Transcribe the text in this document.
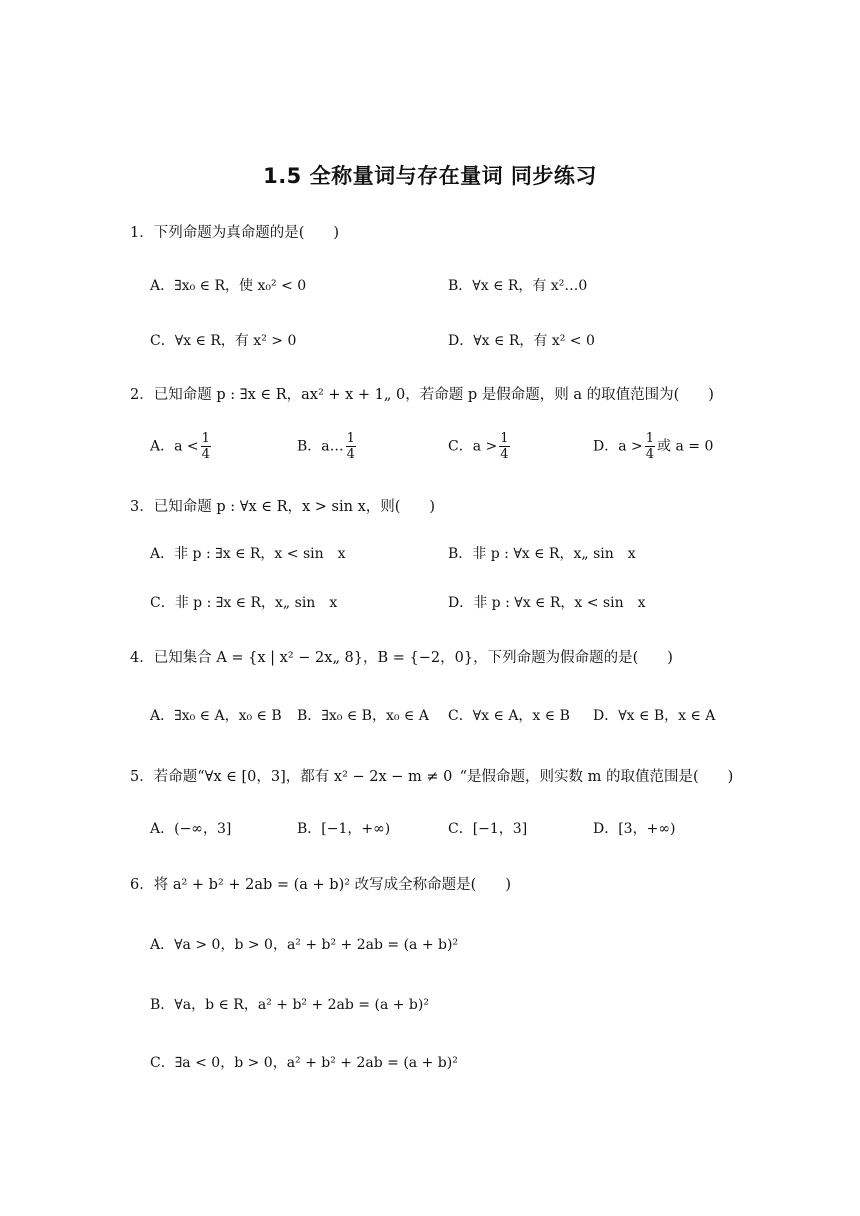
1.5 全称量词与存在量词 同步练习
1．下列命题为真命题的是(　　)
A．∃x₀ ∈ R，使 x₀² < 0	B．∀x ∈ R，有 x²…0
C．∀x ∈ R，有 x² > 0	D．∀x ∈ R，有 x² < 0
2．已知命题 p : ∃x ∈ R，ax² + x + 1„ 0，若命题 p 是假命题，则 a 的取值范围为(　　)
A．$a < \frac{1}{4}$	B．a… $\frac{1}{4}$	C．$a > \frac{1}{4}$	D．$a > \frac{1}{4}$ 或 a = 0
3．已知命题 p : ∀x ∈ R，x > sin x，则(　　)
A．非 p : ∃x ∈ R，x < sin x	B．非 p : ∀x ∈ R，x„ sin x
C．非 p : ∃x ∈ R，x„ sin x	D．非 p : ∀x ∈ R，x < sin x
4．已知集合 A = {x | x² − 2x„ 8}，B = {−2，0}，下列命题为假命题的是(　　)
A．∃x₀ ∈ A，x₀ ∈ B B．∃x₀ ∈ B，x₀ ∈ A C．∀x ∈ A，x ∈ B D．∀x ∈ B，x ∈ A
5．若命题“∀x ∈ [0，3]，都有 x² − 2x − m ≠ 0 “是假命题，则实数 m 的取值范围是(　　)
A．(−∞，3]	B．[−1，+∞)	C．[−1，3]	D．[3，+∞)
6．将 a² + b² + 2ab = (a + b)² 改写成全称命题是(　　)
A．∀a > 0，b > 0，a² + b² + 2ab = (a + b)²
B．∀a，b ∈ R，a² + b² + 2ab = (a + b)²
C．∃a < 0，b > 0，a² + b² + 2ab = (a + b)²
